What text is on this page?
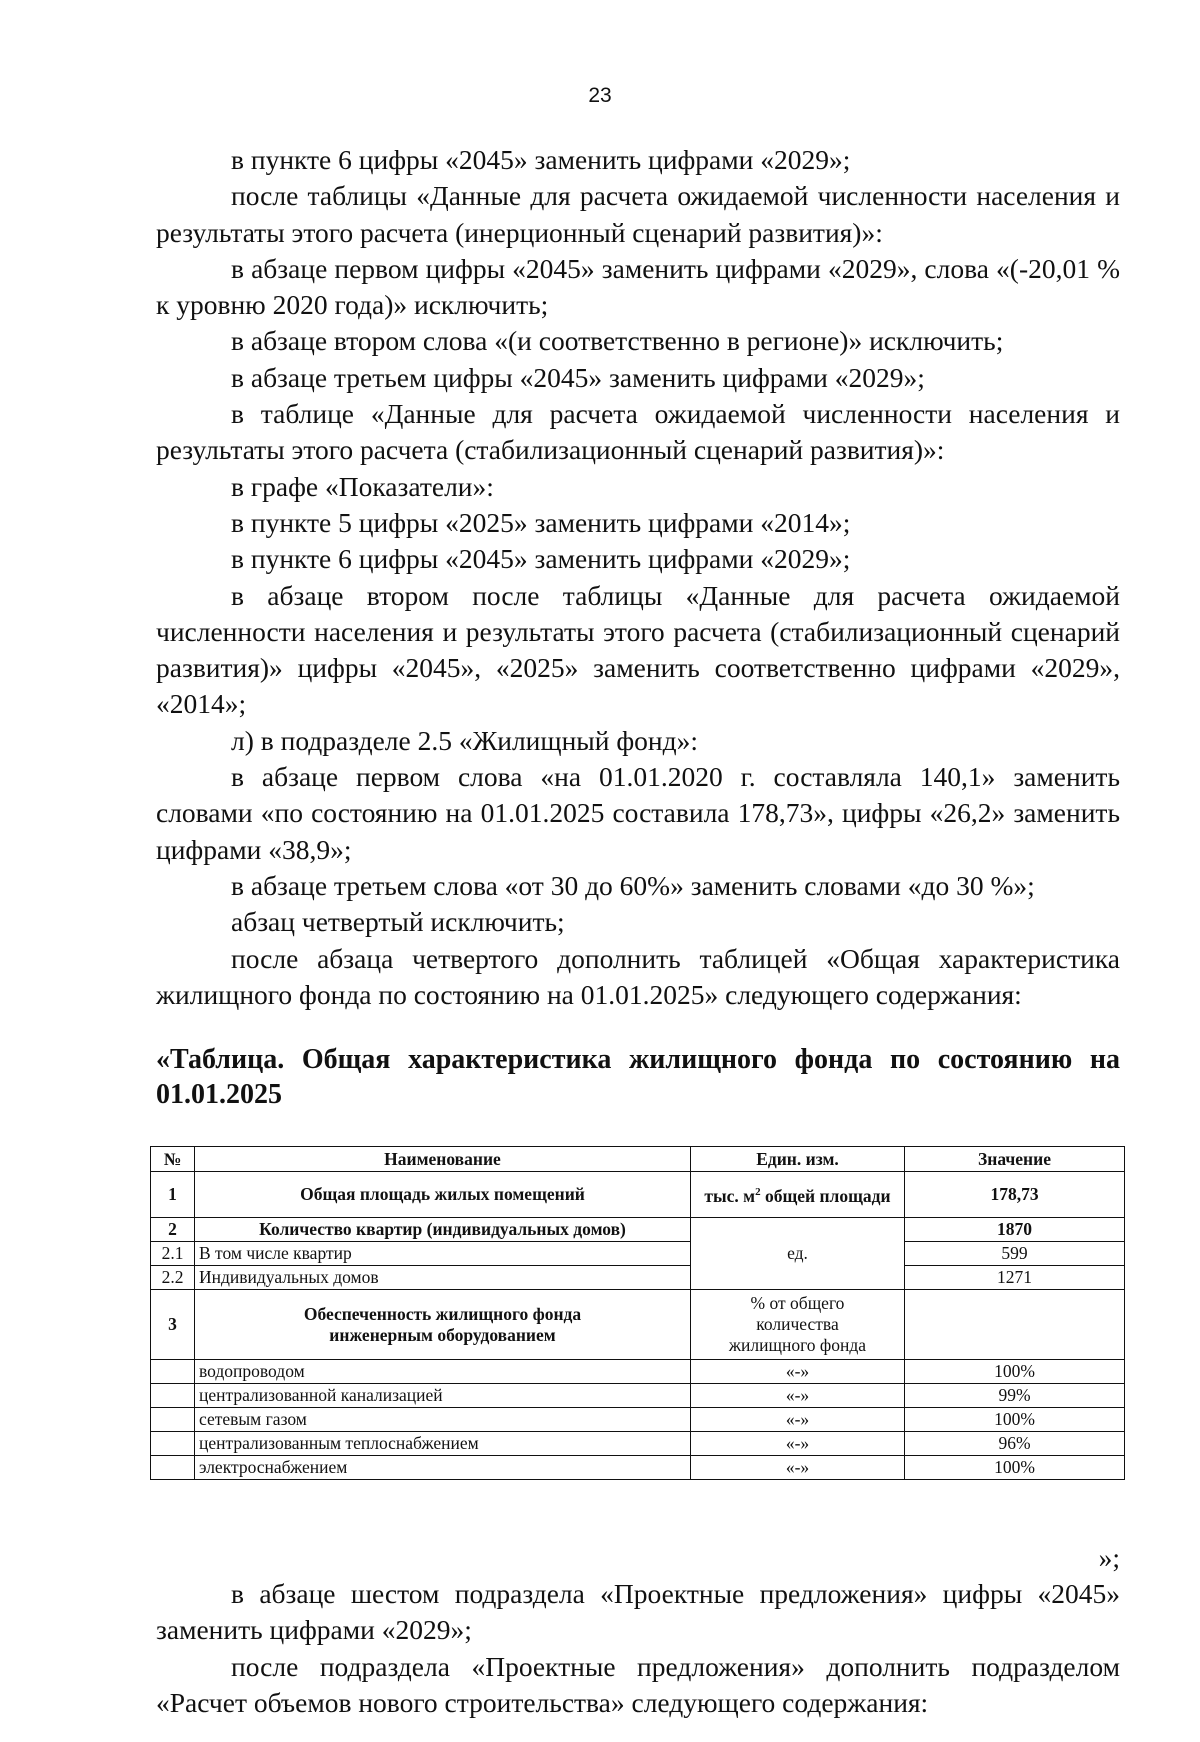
23

в пункте 6 цифры «2045» заменить цифрами «2029»;

после таблицы «Данные для расчета ожидаемой численности населения и результаты этого расчета (инерционный сценарий развития)»:

в абзаце первом цифры «2045» заменить цифрами «2029», слова «(-20,01 % к уровню 2020 года)» исключить;

в абзаце втором слова «(и соответственно в регионе)» исключить;

в абзаце третьем цифры «2045» заменить цифрами «2029»;

в таблице «Данные для расчета ожидаемой численности населения и результаты этого расчета (стабилизационный сценарий развития)»:

в графе «Показатели»:

в пункте 5 цифры «2025» заменить цифрами «2014»;

в пункте 6 цифры «2045» заменить цифрами «2029»;

в абзаце втором после таблицы «Данные для расчета ожидаемой численности населения и результаты этого расчета (стабилизационный сценарий развития)» цифры «2045», «2025» заменить соответственно цифрами «2029», «2014»;

л) в подразделе 2.5 «Жилищный фонд»:

в абзаце первом слова «на 01.01.2020 г. составляла 140,1» заменить словами «по состоянию на 01.01.2025 составила 178,73», цифры «26,2» заменить цифрами «38,9»;

в абзаце третьем слова «от 30 до 60%» заменить словами «до 30 %»;

абзац четвертый исключить;

после абзаца четвертого дополнить таблицей «Общая характеристика жилищного фонда по состоянию на 01.01.2025» следующего содержания:

«Таблица. Общая характеристика жилищного фонда по состоянию на 01.01.2025
№	Наименование	Един. изм.	Значение
1	Общая площадь жилых помещений	тыс. $м^2$ общей площади	178,73
2	Количество квартир (индивидуальных домов)	ед.	1870
2.1	В том числе квартир		599
2.2	Индивидуальных домов		1271
3	Обеспеченность жилищного фонда инженерным оборудованием	% от общего количества жилищного фонда	
	водопроводом	«-»	100%
	централизованной канализацией	«-»	99%
	сетевым газом	«-»	100%
	централизованным теплоснабжением	«-»	96%
	электроснабжением	«-»	100%
»;

в абзаце шестом подраздела «Проектные предложения» цифры «2045» заменить цифрами «2029»;

после подраздела «Проектные предложения» дополнить подразделом «Расчет объемов нового строительства» следующего содержания:
